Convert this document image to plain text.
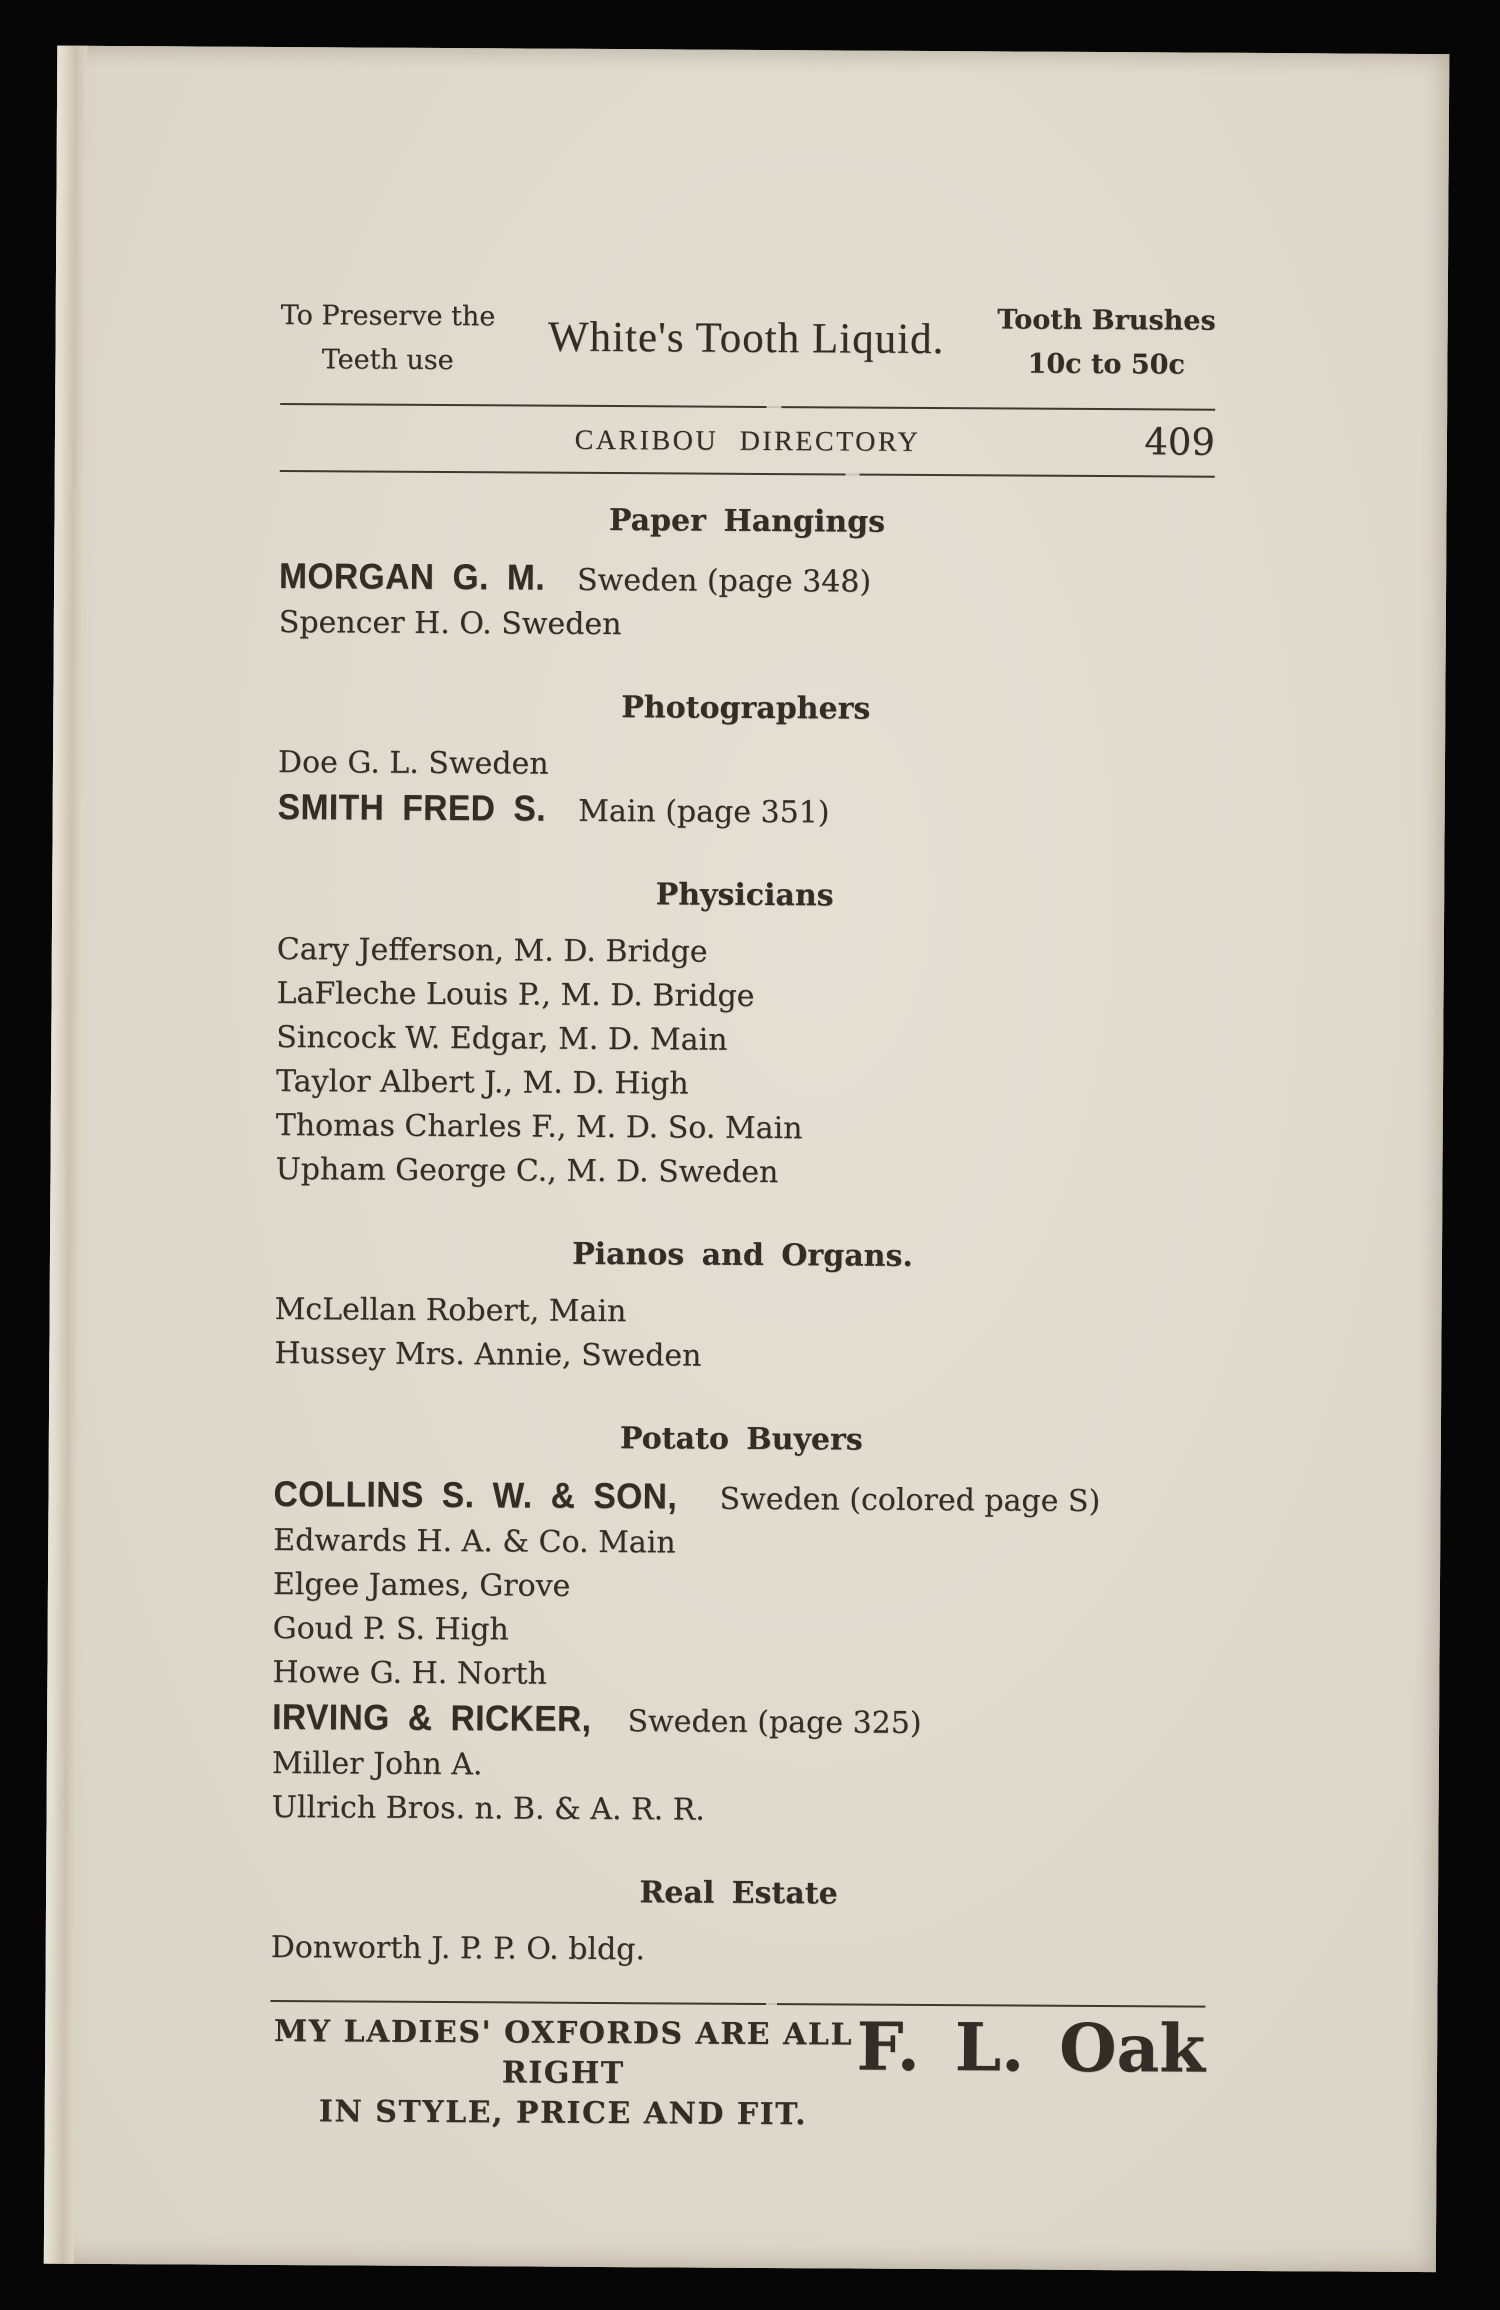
To Preserve the
Teeth use	White's Tooth Liquid. Tooth Brushes
10c to 50c
CARIBOU DIRECTORY	409
Paper Hangings
MORGAN G. M. Sweden (page 348)
Spencer H. O. Sweden
Photographers
Doe G. L. Sweden
SMITH FRED S. Main (page 351)
Physicians
Cary Jefferson, M. D. Bridge
LaFleche Louis P., M. D. Bridge
Sincock W. Edgar, M. D. Main
Taylor Albert J., M. D. High
Thomas Charles F., M. D. So. Main
Upham George C., M. D. Sweden
Pianos and Organs.
McLellan Robert, Main
Hussey Mrs. Annie, Sweden
Potato Buyers
COLLINS S. W. & SON, Sweden (colored page S)
Edwards H. A. & Co. Main
Elgee James, Grove
Goud P. S. High
Howe G. H. North
IRVING & RICKER, Sweden (page 325)
Miller John A.
Ullrich Bros. n. B. & A. R. R.
Real Estate
Donworth J. P. P. O. bldg.
MY LADIES' OXFORDS ARE ALL RIGHT
IN STYLE, PRICE AND FIT.
F. L. Oak
